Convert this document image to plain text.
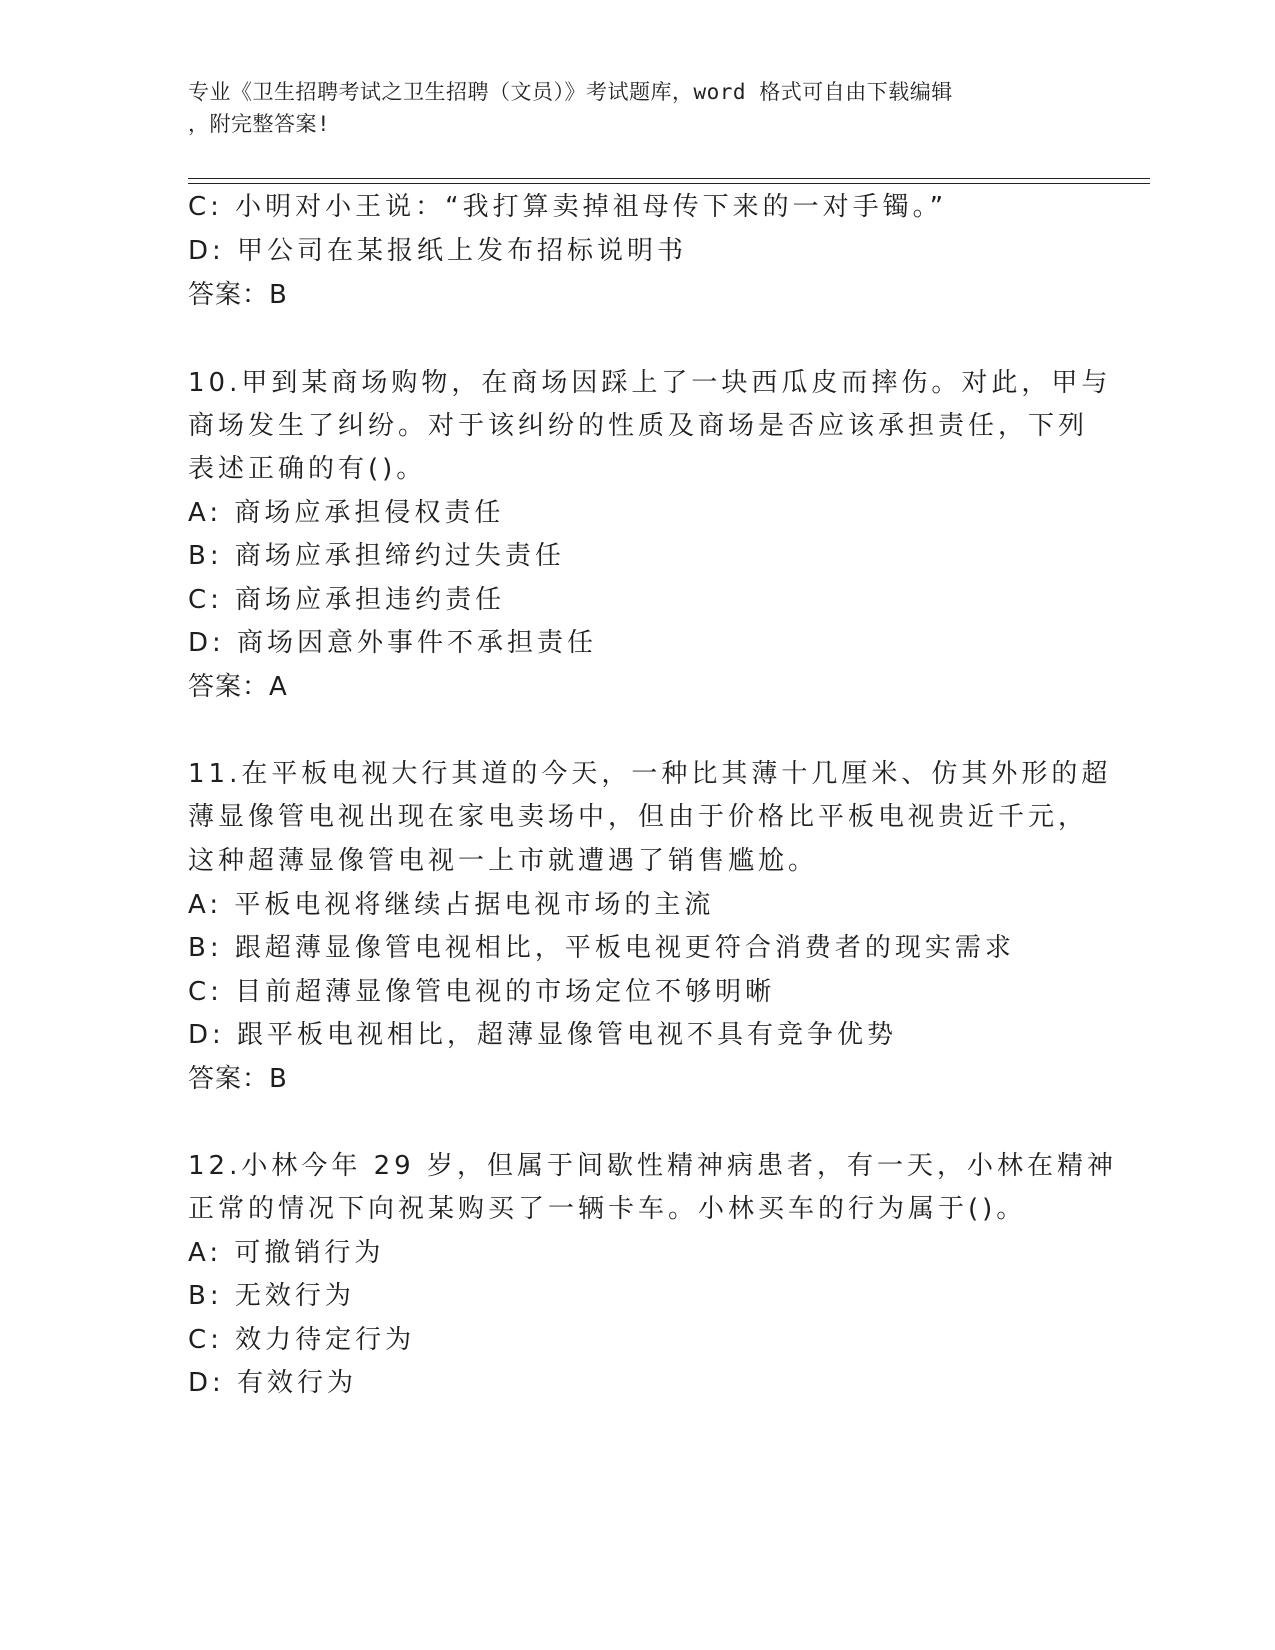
专业《卫生招聘考试之卫生招聘（文员）》考试题库，word 格式可自由下载编辑
，附完整答案!
C: 小明对小王说：“我打算卖掉祖母传下来的一对手镯。”
D: 甲公司在某报纸上发布招标说明书
答案：B
10.甲到某商场购物，在商场因踩上了一块西瓜皮而摔伤。对此，甲与
商场发生了纠纷。对于该纠纷的性质及商场是否应该承担责任，下列
表述正确的有()。
A: 商场应承担侵权责任
B: 商场应承担缔约过失责任
C: 商场应承担违约责任
D: 商场因意外事件不承担责任
答案：A
11.在平板电视大行其道的今天，一种比其薄十几厘米、仿其外形的超
薄显像管电视出现在家电卖场中，但由于价格比平板电视贵近千元，
这种超薄显像管电视一上市就遭遇了销售尴尬。
A: 平板电视将继续占据电视市场的主流
B: 跟超薄显像管电视相比，平板电视更符合消费者的现实需求
C: 目前超薄显像管电视的市场定位不够明晰
D: 跟平板电视相比，超薄显像管电视不具有竞争优势
答案：B
12.小林今年 29 岁，但属于间歇性精神病患者，有一天，小林在精神
正常的情况下向祝某购买了一辆卡车。小林买车的行为属于()。
A: 可撤销行为
B: 无效行为
C: 效力待定行为
D: 有效行为
